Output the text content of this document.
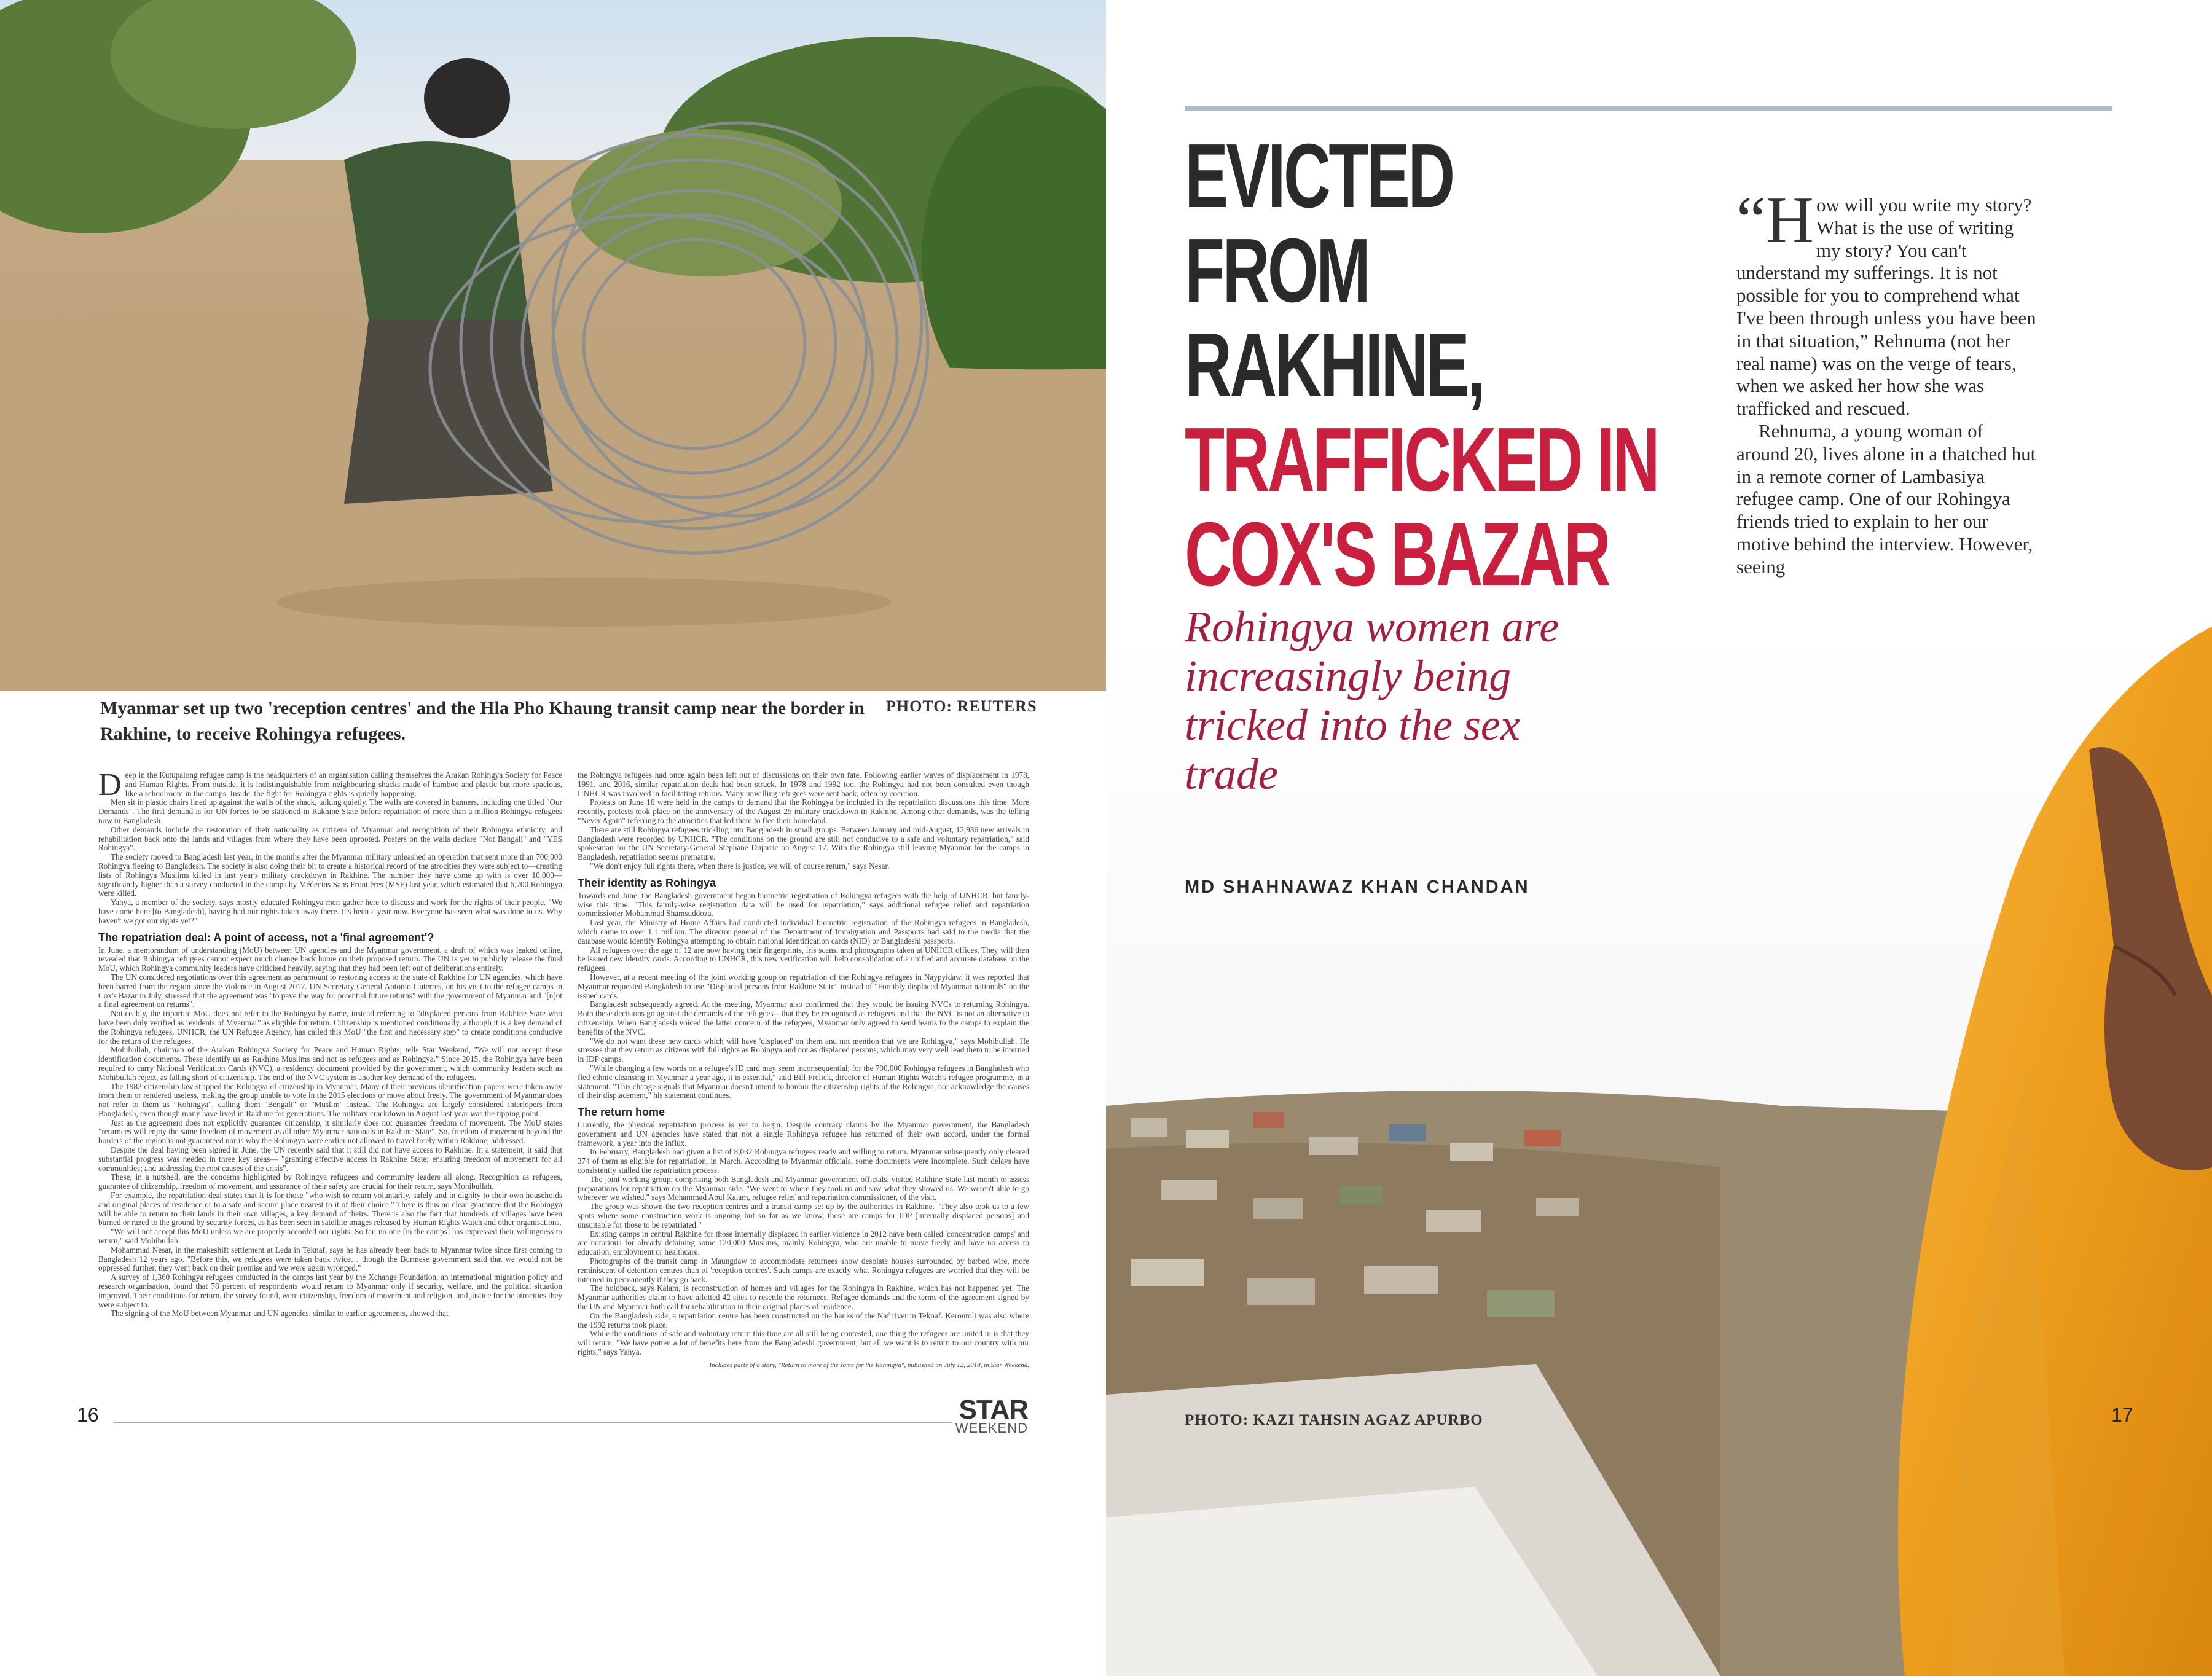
Myanmar set up two 'reception centres' and the Hla Pho Khaung transit camp near the border in Rakhine, to receive Rohingya refugees.
PHOTO: REUTERS

Deep in the Kutupalong refugee camp is the headquarters of an organisation calling themselves the Arakan Rohingya Society for Peace and Human Rights. From outside, it is indistinguishable from neighbouring shacks made of bamboo and plastic but more spacious, like a schoolroom in the camps. Inside, the fight for Rohingya rights is quietly happening.

Men sit in plastic chairs lined up against the walls of the shack, talking quietly. The walls are covered in banners, including one titled "Our Demands". The first demand is for UN forces to be stationed in Rakhine State before repatriation of more than a million Rohingya refugees now in Bangladesh.

Other demands include the restoration of their nationality as citizens of Myanmar and recognition of their Rohingya ethnicity, and rehabilitation back onto the lands and villages from where they have been uprooted. Posters on the walls declare "Not Bangali" and "YES Rohingya".

The society moved to Bangladesh last year, in the months after the Myanmar military unleashed an operation that sent more than 700,000 Rohingya fleeing to Bangladesh. The society is also doing their bit to create a historical record of the atrocities they were subject to—creating lists of Rohingya Muslims killed in last year's military crackdown in Rakhine. The number they have come up with is over 10,000—significantly higher than a survey conducted in the camps by Médecins Sans Frontières (MSF) last year, which estimated that 6,700 Rohingya were killed.

Yahya, a member of the society, says mostly educated Rohingya men gather here to discuss and work for the rights of their people. "We have come here [to Bangladesh], having had our rights taken away there. It's been a year now. Everyone has seen what was done to us. Why haven't we got our rights yet?"

The repatriation deal: A point of access, not a 'final agreement'?

In June, a memorandum of understanding (MoU) between UN agencies and the Myanmar government, a draft of which was leaked online, revealed that Rohingya refugees cannot expect much change back home on their proposed return. The UN is yet to publicly release the final MoU, which Rohingya community leaders have criticised heavily, saying that they had been left out of deliberations entirely.

The UN considered negotiations over this agreement as paramount to restoring access to the state of Rakhine for UN agencies, which have been barred from the region since the violence in August 2017. UN Secretary General Antonio Guterres, on his visit to the refugee camps in Cox's Bazar in July, stressed that the agreement was "to pave the way for potential future returns" with the government of Myanmar and "[n]ot a final agreement on returns".

Noticeably, the tripartite MoU does not refer to the Rohingya by name, instead referring to "displaced persons from Rakhine State who have been duly verified as residents of Myanmar" as eligible for return. Citizenship is mentioned conditionally, although it is a key demand of the Rohingya refugees. UNHCR, the UN Refugee Agency, has called this MoU "the first and necessary step" to create conditions conducive for the return of the refugees.

Mohibullah, chairman of the Arakan Rohingya Society for Peace and Human Rights, tells Star Weekend, "We will not accept these identification documents. These identify us as Rakhine Muslims and not as refugees and as Rohingya." Since 2015, the Rohingya have been required to carry National Verification Cards (NVC), a residency document provided by the government, which community leaders such as Mohibullah reject, as falling short of citizenship. The end of the NVC system is another key demand of the refugees.

The 1982 citizenship law stripped the Rohingya of citizenship in Myanmar. Many of their previous identification papers were taken away from them or rendered useless, making the group unable to vote in the 2015 elections or move about freely. The government of Myanmar does not refer to them as "Rohingya", calling them "Bengali" or "Muslim" instead. The Rohingya are largely considered interlopers from Bangladesh, even though many have lived in Rakhine for generations. The military crackdown in August last year was the tipping point.

Just as the agreement does not explicitly guarantee citizenship, it similarly does not guarantee freedom of movement. The MoU states "returnees will enjoy the same freedom of movement as all other Myanmar nationals in Rakhine State". So, freedom of movement beyond the borders of the region is not guaranteed nor is why the Rohingya were earlier not allowed to travel freely within Rakhine, addressed.

Despite the deal having been signed in June, the UN recently said that it still did not have access to Rakhine. In a statement, it said that substantial progress was needed in three key areas— "granting effective access in Rakhine State; ensuring freedom of movement for all communities; and addressing the root causes of the crisis".

These, in a nutshell, are the concerns highlighted by Rohingya refugees and community leaders all along. Recognition as refugees, guarantee of citizenship, freedom of movement, and assurance of their safety are crucial for their return, says Mohibullah.

For example, the repatriation deal states that it is for those "who wish to return voluntarily, safely and in dignity to their own households and original places of residence or to a safe and secure place nearest to it of their choice." There is thus no clear guarantee that the Rohingya will be able to return to their lands in their own villages, a key demand of theirs. There is also the fact that hundreds of villages have been burned or razed to the ground by security forces, as has been seen in satellite images released by Human Rights Watch and other organisations.

"We will not accept this MoU unless we are properly accorded our rights. So far, no one [in the camps] has expressed their willingness to return," said Mohibullah.

Mohammad Nesar, in the makeshift settlement at Leda in Teknaf, says he has already been back to Myanmar twice since first coming to Bangladesh 12 years ago. "Before this, we refugees were taken back twice… though the Burmese government said that we would not be oppressed further, they went back on their promise and we were again wronged."

A survey of 1,360 Rohingya refugees conducted in the camps last year by the Xchange Foundation, an international migration policy and research organisation, found that 78 percent of respondents would return to Myanmar only if security, welfare, and the political situation improved. Their conditions for return, the survey found, were citizenship, freedom of movement and religion, and justice for the atrocities they were subject to.

The signing of the MoU between Myanmar and UN agencies, similar to earlier agreements, showed that

the Rohingya refugees had once again been left out of discussions on their own fate. Following earlier waves of displacement in 1978, 1991, and 2016, similar repatriation deals had been struck. In 1978 and 1992 too, the Rohingya had not been consulted even though UNHCR was involved in facilitating returns. Many unwilling refugees were sent back, often by coercion.

Protests on June 16 were held in the camps to demand that the Rohingya be included in the repatriation discussions this time. More recently, protests took place on the anniversary of the August 25 military crackdown in Rakhine. Among other demands, was the telling "Never Again" referring to the atrocities that led them to flee their homeland.

There are still Rohingya refugees trickling into Bangladesh in small groups. Between January and mid-August, 12,936 new arrivals in Bangladesh were recorded by UNHCR. "The conditions on the ground are still not conducive to a safe and voluntary repatriation," said spokesman for the UN Secretary-General Stephane Dujarric on August 17. With the Rohingya still leaving Myanmar for the camps in Bangladesh, repatriation seems premature.

"We don't enjoy full rights there, when there is justice, we will of course return," says Nesar.

Their identity as Rohingya

Towards end June, the Bangladesh government began biometric registration of Rohingya refugees with the help of UNHCR, but family-wise this time. "This family-wise registration data will be used for repatriation," says additional refugee relief and repatriation commissioner Mohammad Shamsuddoza.

Last year, the Ministry of Home Affairs had conducted individual biometric registration of the Rohingya refugees in Bangladesh, which came to over 1.1 million. The director general of the Department of Immigration and Passports had said to the media that the database would identify Rohingya attempting to obtain national identification cards (NID) or Bangladeshi passports.

All refugees over the age of 12 are now having their fingerprints, iris scans, and photographs taken at UNHCR offices. They will then be issued new identity cards. According to UNHCR, this new verification will help consolidation of a unified and accurate database on the refugees.

However, at a recent meeting of the joint working group on repatriation of the Rohingya refugees in Naypyidaw, it was reported that Myanmar requested Bangladesh to use "Displaced persons from Rakhine State" instead of "Forcibly displaced Myanmar nationals" on the issued cards.

Bangladesh subsequently agreed. At the meeting, Myanmar also confirmed that they would be issuing NVCs to returning Rohingya. Both these decisions go against the demands of the refugees—that they be recognised as refugees and that the NVC is not an alternative to citizenship. When Bangladesh voiced the latter concern of the refugees, Myanmar only agreed to send teams to the camps to explain the benefits of the NVC.

"We do not want these new cards which will have 'displaced' on them and not mention that we are Rohingya," says Mohibullah. He stresses that they return as citizens with full rights as Rohingya and not as displaced persons, which may very well lead them to be interned in IDP camps.

"While changing a few words on a refugee's ID card may seem inconsequential; for the 700,000 Rohingya refugees in Bangladesh who fled ethnic cleansing in Myanmar a year ago, it is essential," said Bill Frelick, director of Human Rights Watch's refugee programme, in a statement. "This change signals that Myanmar doesn't intend to honour the citizenship rights of the Rohingya, nor acknowledge the causes of their displacement," his statement continues.

The return home

Currently, the physical repatriation process is yet to begin. Despite contrary claims by the Myanmar government, the Bangladesh government and UN agencies have stated that not a single Rohingya refugee has returned of their own accord, under the formal framework, a year into the influx.

In February, Bangladesh had given a list of 8,032 Rohingya refugees ready and willing to return. Myanmar subsequently only cleared 374 of them as eligible for repatriation, in March. According to Myanmar officials, some documents were incomplete. Such delays have consistently stalled the repatriation process.

The joint working group, comprising both Bangladesh and Myanmar government officials, visited Rakhine State last month to assess preparations for repatriation on the Myanmar side. "We went to where they took us and saw what they showed us. We weren't able to go wherever we wished," says Mohammad Abul Kalam, refugee relief and repatriation commissioner, of the visit.

The group was shown the two reception centres and a transit camp set up by the authorities in Rakhine. "They also took us to a few spots where some construction work is ongoing but so far as we know, those are camps for IDP [internally displaced persons] and unsuitable for those to be repatriated."

Existing camps in central Rakhine for those internally displaced in earlier violence in 2012 have been called 'concentration camps' and are notorious for already detaining some 120,000 Muslims, mainly Rohingya, who are unable to move freely and have no access to education, employment or healthcare.

Photographs of the transit camp in Maungdaw to accommodate returnees show desolate houses surrounded by barbed wire, more reminiscent of detention centres than of 'reception centres'. Such camps are exactly what Rohingya refugees are worried that they will be interned in permanently if they go back.

The holdback, says Kalam, is reconstruction of homes and villages for the Rohingya in Rakhine, which has not happened yet. The Myanmar authorities claim to have allotted 42 sites to resettle the returnees. Refugee demands and the terms of the agreement signed by the UN and Myanmar both call for rehabilitation in their original places of residence.

On the Bangladesh side, a repatriation centre has been constructed on the banks of the Naf river in Teknaf. Kerontoli was also where the 1992 returns took place.

While the conditions of safe and voluntary return this time are all still being contested, one thing the refugees are united in is that they will return. "We have gotten a lot of benefits here from the Bangladeshi government, but all we want is to return to our country with our rights," says Yahya.

Includes parts of a story, "Return to more of the same for the Rohingya", published on July 12, 2018, in Star Weekend.
16	STAR
WEEKEND
EVICTED
FROM
RAKHINE,
TRAFFICKED IN
COX'S BAZAR
Rohingya women are increasingly being tricked into the sex trade
MD SHAHNAWAZ KHAN CHANDAN

“How will you write my story? What is the use of writing my story? You can't understand my sufferings. It is not possible for you to comprehend what I've been through unless you have been in that situation,” Rehnuma (not her real name) was on the verge of tears, when we asked her how she was trafficked and rescued.

Rehnuma, a young woman of around 20, lives alone in a thatched hut in a remote corner of Lambasiya refugee camp. One of our Rohingya friends tried to explain to her our motive behind the interview. However, seeing

PHOTO: KAZI TAHSIN AGAZ APURBO	17
